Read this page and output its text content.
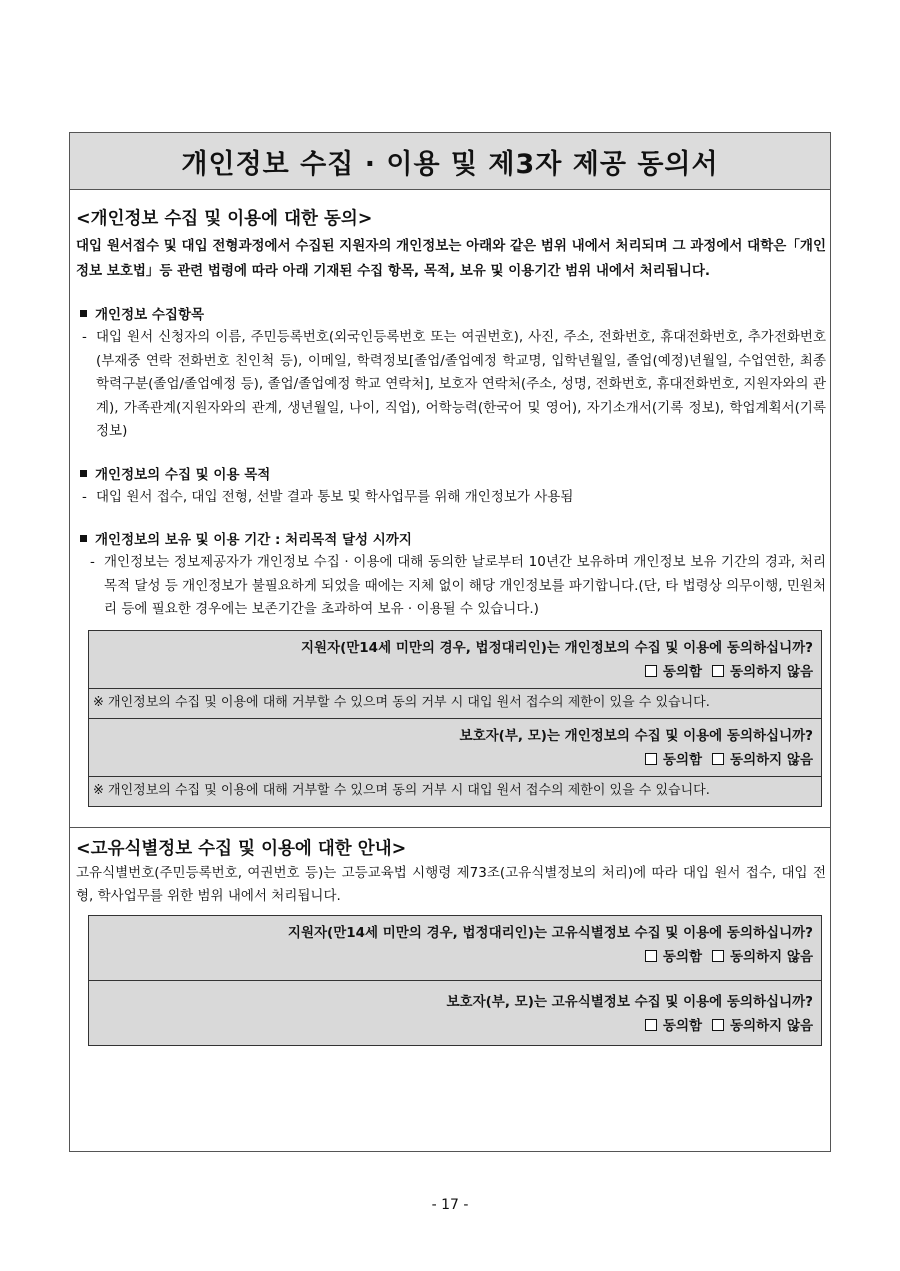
개인정보 수집 · 이용 및 제3자 제공 동의서
<개인정보 수집 및 이용에 대한 동의>
대입 원서접수 및 대입 전형과정에서 수집된 지원자의 개인정보는 아래와 같은 범위 내에서 처리되며 그 과정에서 대학은「개인정보 보호법」등 관련 법령에 따라 아래 기재된 수집 항목, 목적, 보유 및 이용기간 범위 내에서 처리됩니다.
개인정보 수집항목
- 대입 원서 신청자의 이름, 주민등록번호(외국인등록번호 또는 여권번호), 사진, 주소, 전화번호, 휴대전화번호, 추가전화번호(부재중 연락 전화번호 친인척 등), 이메일, 학력정보[졸업/졸업예정 학교명, 입학년월일, 졸업(예정)년월일, 수업연한, 최종 학력구분(졸업/졸업예정 등), 졸업/졸업예정 학교 연락처], 보호자 연락처(주소, 성명, 전화번호, 휴대전화번호, 지원자와의 관계), 가족관계(지원자와의 관계, 생년월일, 나이, 직업), 어학능력(한국어 및 영어), 자기소개서(기록 정보), 학업계획서(기록 정보)
개인정보의 수집 및 이용 목적
- 대입 원서 접수, 대입 전형, 선발 결과 통보 및 학사업무를 위해 개인정보가 사용됨
개인정보의 보유 및 이용 기간 : 처리목적 달성 시까지
- 개인정보는 정보제공자가 개인정보 수집 · 이용에 대해 동의한 날로부터 10년간 보유하며 개인정보 보유 기간의 경과, 처리목적 달성 등 개인정보가 불필요하게 되었을 때에는 지체 없이 해당 개인정보를 파기합니다.(단, 타 법령상 의무이행, 민원처리 등에 필요한 경우에는 보존기간을 초과하여 보유 · 이용될 수 있습니다.)
지원자(만14세 미만의 경우, 법정대리인)는 개인정보의 수집 및 이용에 동의하십니까?
동의함 동의하지 않음
※ 개인정보의 수집 및 이용에 대해 거부할 수 있으며 동의 거부 시 대입 원서 접수의 제한이 있을 수 있습니다.
보호자(부, 모)는 개인정보의 수집 및 이용에 동의하십니까?
동의함 동의하지 않음
※ 개인정보의 수집 및 이용에 대해 거부할 수 있으며 동의 거부 시 대입 원서 접수의 제한이 있을 수 있습니다.
<고유식별정보 수집 및 이용에 대한 안내>
고유식별번호(주민등록번호, 여권번호 등)는 고등교육법 시행령 제73조(고유식별정보의 처리)에 따라 대입 원서 접수, 대입 전형, 학사업무를 위한 범위 내에서 처리됩니다.
지원자(만14세 미만의 경우, 법정대리인)는 고유식별정보 수집 및 이용에 동의하십니까?
동의함 동의하지 않음
보호자(부, 모)는 고유식별정보 수집 및 이용에 동의하십니까?
동의함 동의하지 않음
- 17 -
